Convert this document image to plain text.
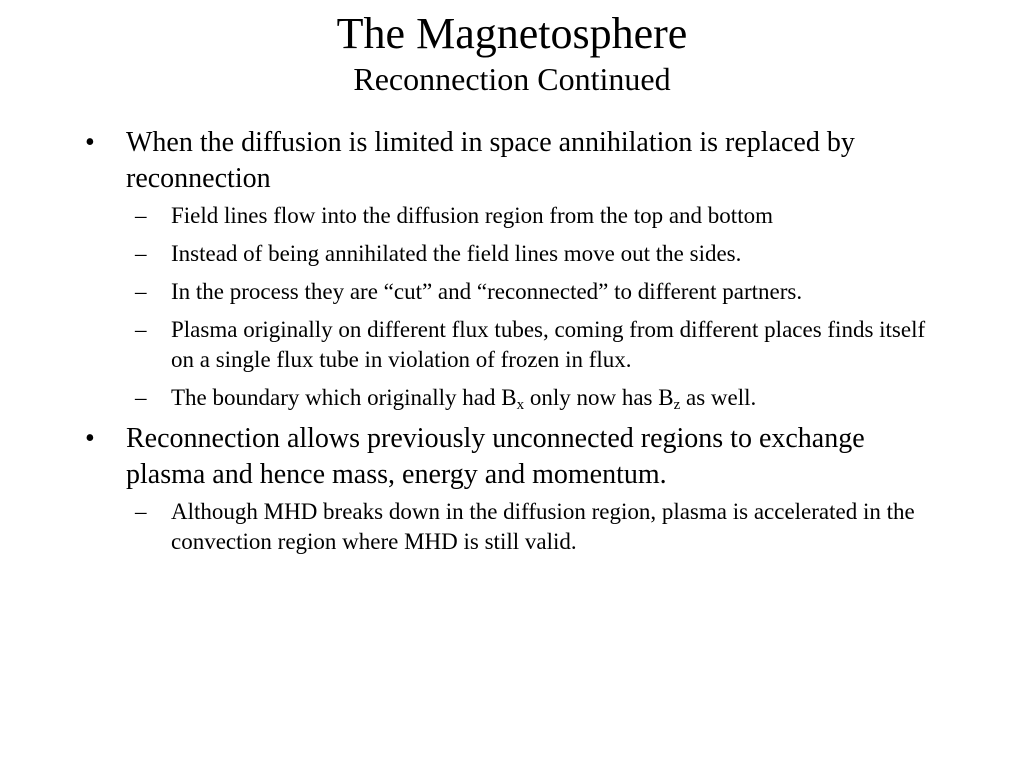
The Magnetosphere
Reconnection Continued
• When the diffusion is limited in space annihilation is replaced by reconnection
– Field lines flow into the diffusion region from the top and bottom
– Instead of being annihilated the field lines move out the sides.
– In the process they are “cut” and “reconnected” to different partners.
– Plasma originally on different flux tubes, coming from different places finds itself on a single flux tube in violation of frozen in flux.
– The boundary which originally had $B_x$ only now has $B_z$ as well.
• Reconnection allows previously unconnected regions to exchange plasma and hence mass, energy and momentum.
– Although MHD breaks down in the diffusion region, plasma is accelerated in the convection region where MHD is still valid.
